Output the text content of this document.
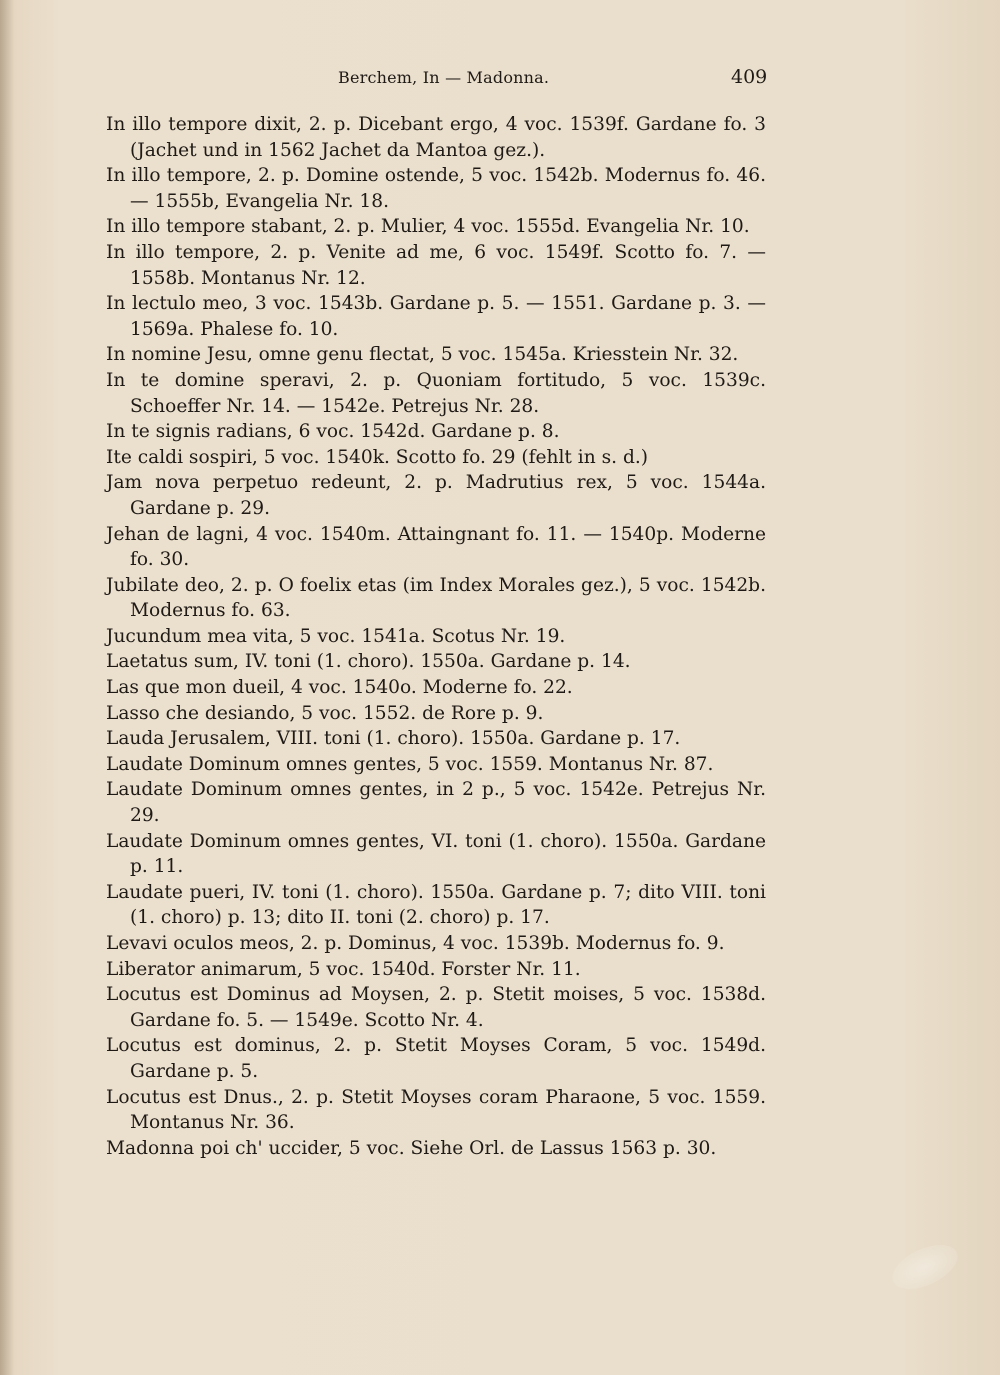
Berchem, In — Madonna.	409

In illo tempore dixit, 2. p. Dicebant ergo, 4 voc. 1539f. Gardane fo. 3 (Jachet und in 1562 Jachet da Mantoa gez.).

In illo tempore, 2. p. Domine ostende, 5 voc. 1542b. Modernus fo. 46. — 1555b, Evangelia Nr. 18.

In illo tempore stabant, 2. p. Mulier, 4 voc. 1555d. Evangelia Nr. 10.

In illo tempore, 2. p. Venite ad me, 6 voc. 1549f. Scotto fo. 7. — 1558b. Montanus Nr. 12.

In lectulo meo, 3 voc. 1543b. Gardane p. 5. — 1551. Gardane p. 3. — 1569a. Phalese fo. 10.

In nomine Jesu, omne genu flectat, 5 voc. 1545a. Kriesstein Nr. 32.

In te domine speravi, 2. p. Quoniam fortitudo, 5 voc. 1539c. Schoeffer Nr. 14. — 1542e. Petrejus Nr. 28.

In te signis radians, 6 voc. 1542d. Gardane p. 8.

Ite caldi sospiri, 5 voc. 1540k. Scotto fo. 29 (fehlt in s. d.)

Jam nova perpetuo redeunt, 2. p. Madrutius rex, 5 voc. 1544a. Gardane p. 29.

Jehan de lagni, 4 voc. 1540m. Attaingnant fo. 11. — 1540p. Moderne fo. 30.

Jubilate deo, 2. p. O foelix etas (im Index Morales gez.), 5 voc. 1542b. Modernus fo. 63.

Jucundum mea vita, 5 voc. 1541a. Scotus Nr. 19.

Laetatus sum, IV. toni (1. choro). 1550a. Gardane p. 14.

Las que mon dueil, 4 voc. 1540o. Moderne fo. 22.

Lasso che desiando, 5 voc. 1552. de Rore p. 9.

Lauda Jerusalem, VIII. toni (1. choro). 1550a. Gardane p. 17.

Laudate Dominum omnes gentes, 5 voc. 1559. Montanus Nr. 87.

Laudate Dominum omnes gentes, in 2 p., 5 voc. 1542e. Petrejus Nr. 29.

Laudate Dominum omnes gentes, VI. toni (1. choro). 1550a. Gardane p. 11.

Laudate pueri, IV. toni (1. choro). 1550a. Gardane p. 7; dito VIII. toni (1. choro) p. 13; dito II. toni (2. choro) p. 17.

Levavi oculos meos, 2. p. Dominus, 4 voc. 1539b. Modernus fo. 9.

Liberator animarum, 5 voc. 1540d. Forster Nr. 11.

Locutus est Dominus ad Moysen, 2. p. Stetit moises, 5 voc. 1538d. Gardane fo. 5. — 1549e. Scotto Nr. 4.

Locutus est dominus, 2. p. Stetit Moyses Coram, 5 voc. 1549d. Gardane p. 5.

Locutus est Dnus., 2. p. Stetit Moyses coram Pharaone, 5 voc. 1559. Montanus Nr. 36.

Madonna poi ch' uccider, 5 voc. Siehe Orl. de Lassus 1563 p. 30.
